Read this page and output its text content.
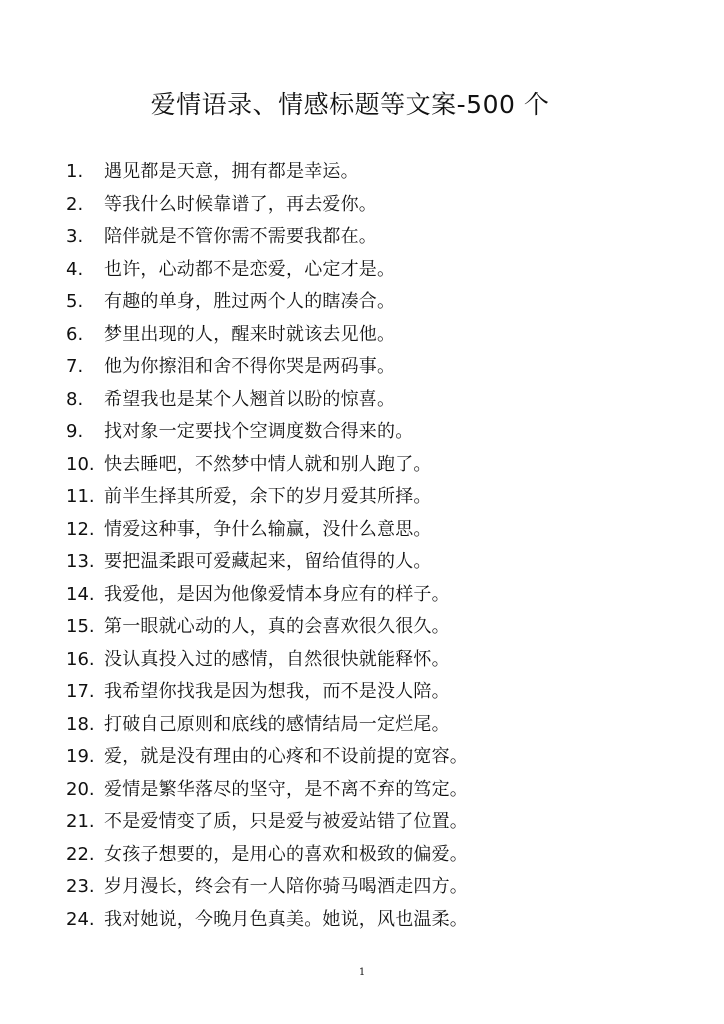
爱情语录、情感标题等文案-500 个
1. 遇见都是天意，拥有都是幸运。
2. 等我什么时候靠谱了，再去爱你。
3. 陪伴就是不管你需不需要我都在。
4. 也许，心动都不是恋爱，心定才是。
5. 有趣的单身，胜过两个人的瞎凑合。
6. 梦里出现的人，醒来时就该去见他。
7. 他为你擦泪和舍不得你哭是两码事。
8. 希望我也是某个人翘首以盼的惊喜。
9. 找对象一定要找个空调度数合得来的。
10. 快去睡吧，不然梦中情人就和别人跑了。
11. 前半生择其所爱，余下的岁月爱其所择。
12. 情爱这种事，争什么输赢，没什么意思。
13. 要把温柔跟可爱藏起来，留给值得的人。
14. 我爱他，是因为他像爱情本身应有的样子。
15. 第一眼就心动的人，真的会喜欢很久很久。
16. 没认真投入过的感情，自然很快就能释怀。
17. 我希望你找我是因为想我，而不是没人陪。
18. 打破自己原则和底线的感情结局一定烂尾。
19. 爱，就是没有理由的心疼和不设前提的宽容。
20. 爱情是繁华落尽的坚守，是不离不弃的笃定。
21. 不是爱情变了质，只是爱与被爱站错了位置。
22. 女孩子想要的，是用心的喜欢和极致的偏爱。
23. 岁月漫长，终会有一人陪你骑马喝酒走四方。
24. 我对她说，今晚月色真美。她说，风也温柔。
1
